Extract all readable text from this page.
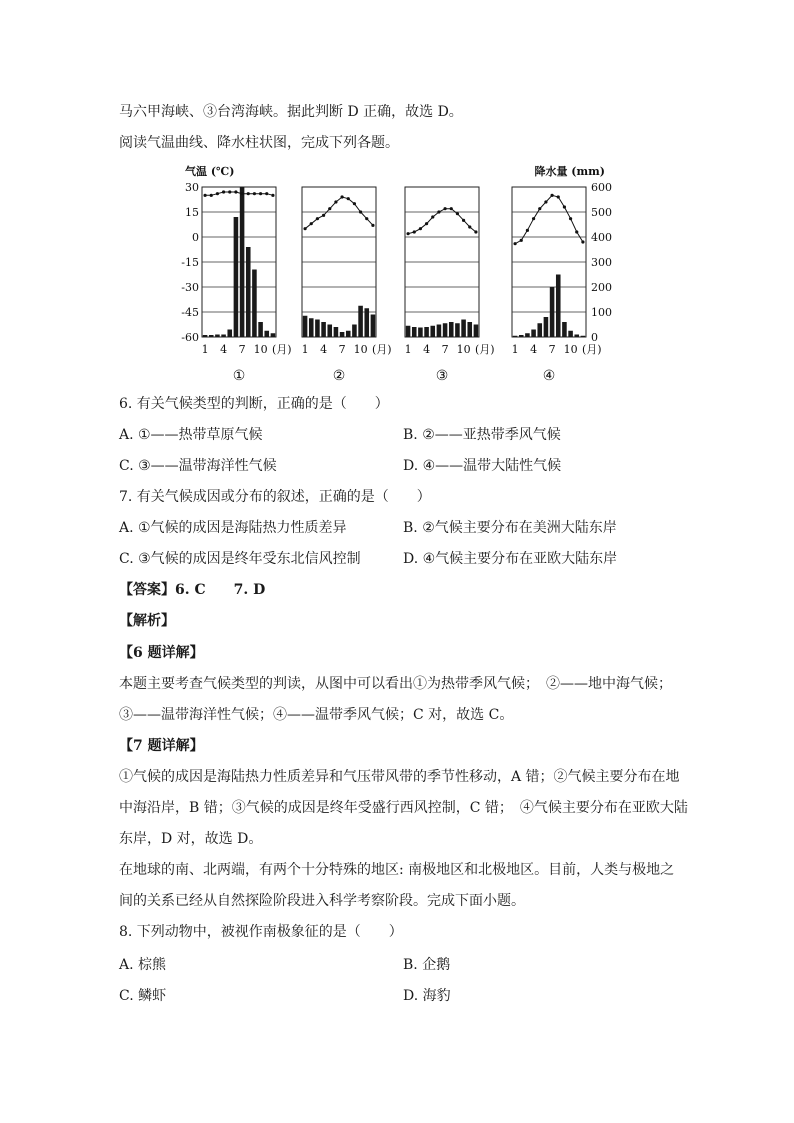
马六甲海峡、③台湾海峡。据此判断 D 正确，故选 D。
阅读气温曲线、降水柱状图，完成下列各题。
气温 (℃)	降水量 (mm)
30
15
0
-15
-30
-45
-60
600
500
400
300
200
100
0
1 4 7 10 (月)
①
1 4 7 10 (月)
②
1 4 7 10 (月)
③
1 4 7 10 (月)
④
6. 有关气候类型的判断，正确的是（　　）
A. ①——热带草原气候	B. ②——亚热带季风气候
C. ③——温带海洋性气候	D. ④——温带大陆性气候
7. 有关气候成因或分布的叙述，正确的是（　　）
A. ①气候的成因是海陆热力性质差异	B. ②气候主要分布在美洲大陆东岸
C. ③气候的成因是终年受东北信风控制	D. ④气候主要分布在亚欧大陆东岸
【答案】6. C　　7. D
【解析】
【6 题详解】
本题主要考查气候类型的判读，从图中可以看出①为热带季风气候；　②——地中海气候；
③——温带海洋性气候；④——温带季风气候；C 对，故选 C。
【7 题详解】
①气候的成因是海陆热力性质差异和气压带风带的季节性移动，A 错；②气候主要分布在地
中海沿岸，B 错；③气候的成因是终年受盛行西风控制，C 错；　④气候主要分布在亚欧大陆
东岸，D 对，故选 D。
在地球的南、北两端，有两个十分特殊的地区: 南极地区和北极地区。目前，人类与极地之
间的关系已经从自然探险阶段进入科学考察阶段。完成下面小题。
8. 下列动物中，被视作南极象征的是（　　）
A. 棕熊	B. 企鹅
C. 鳞虾	D. 海豹
